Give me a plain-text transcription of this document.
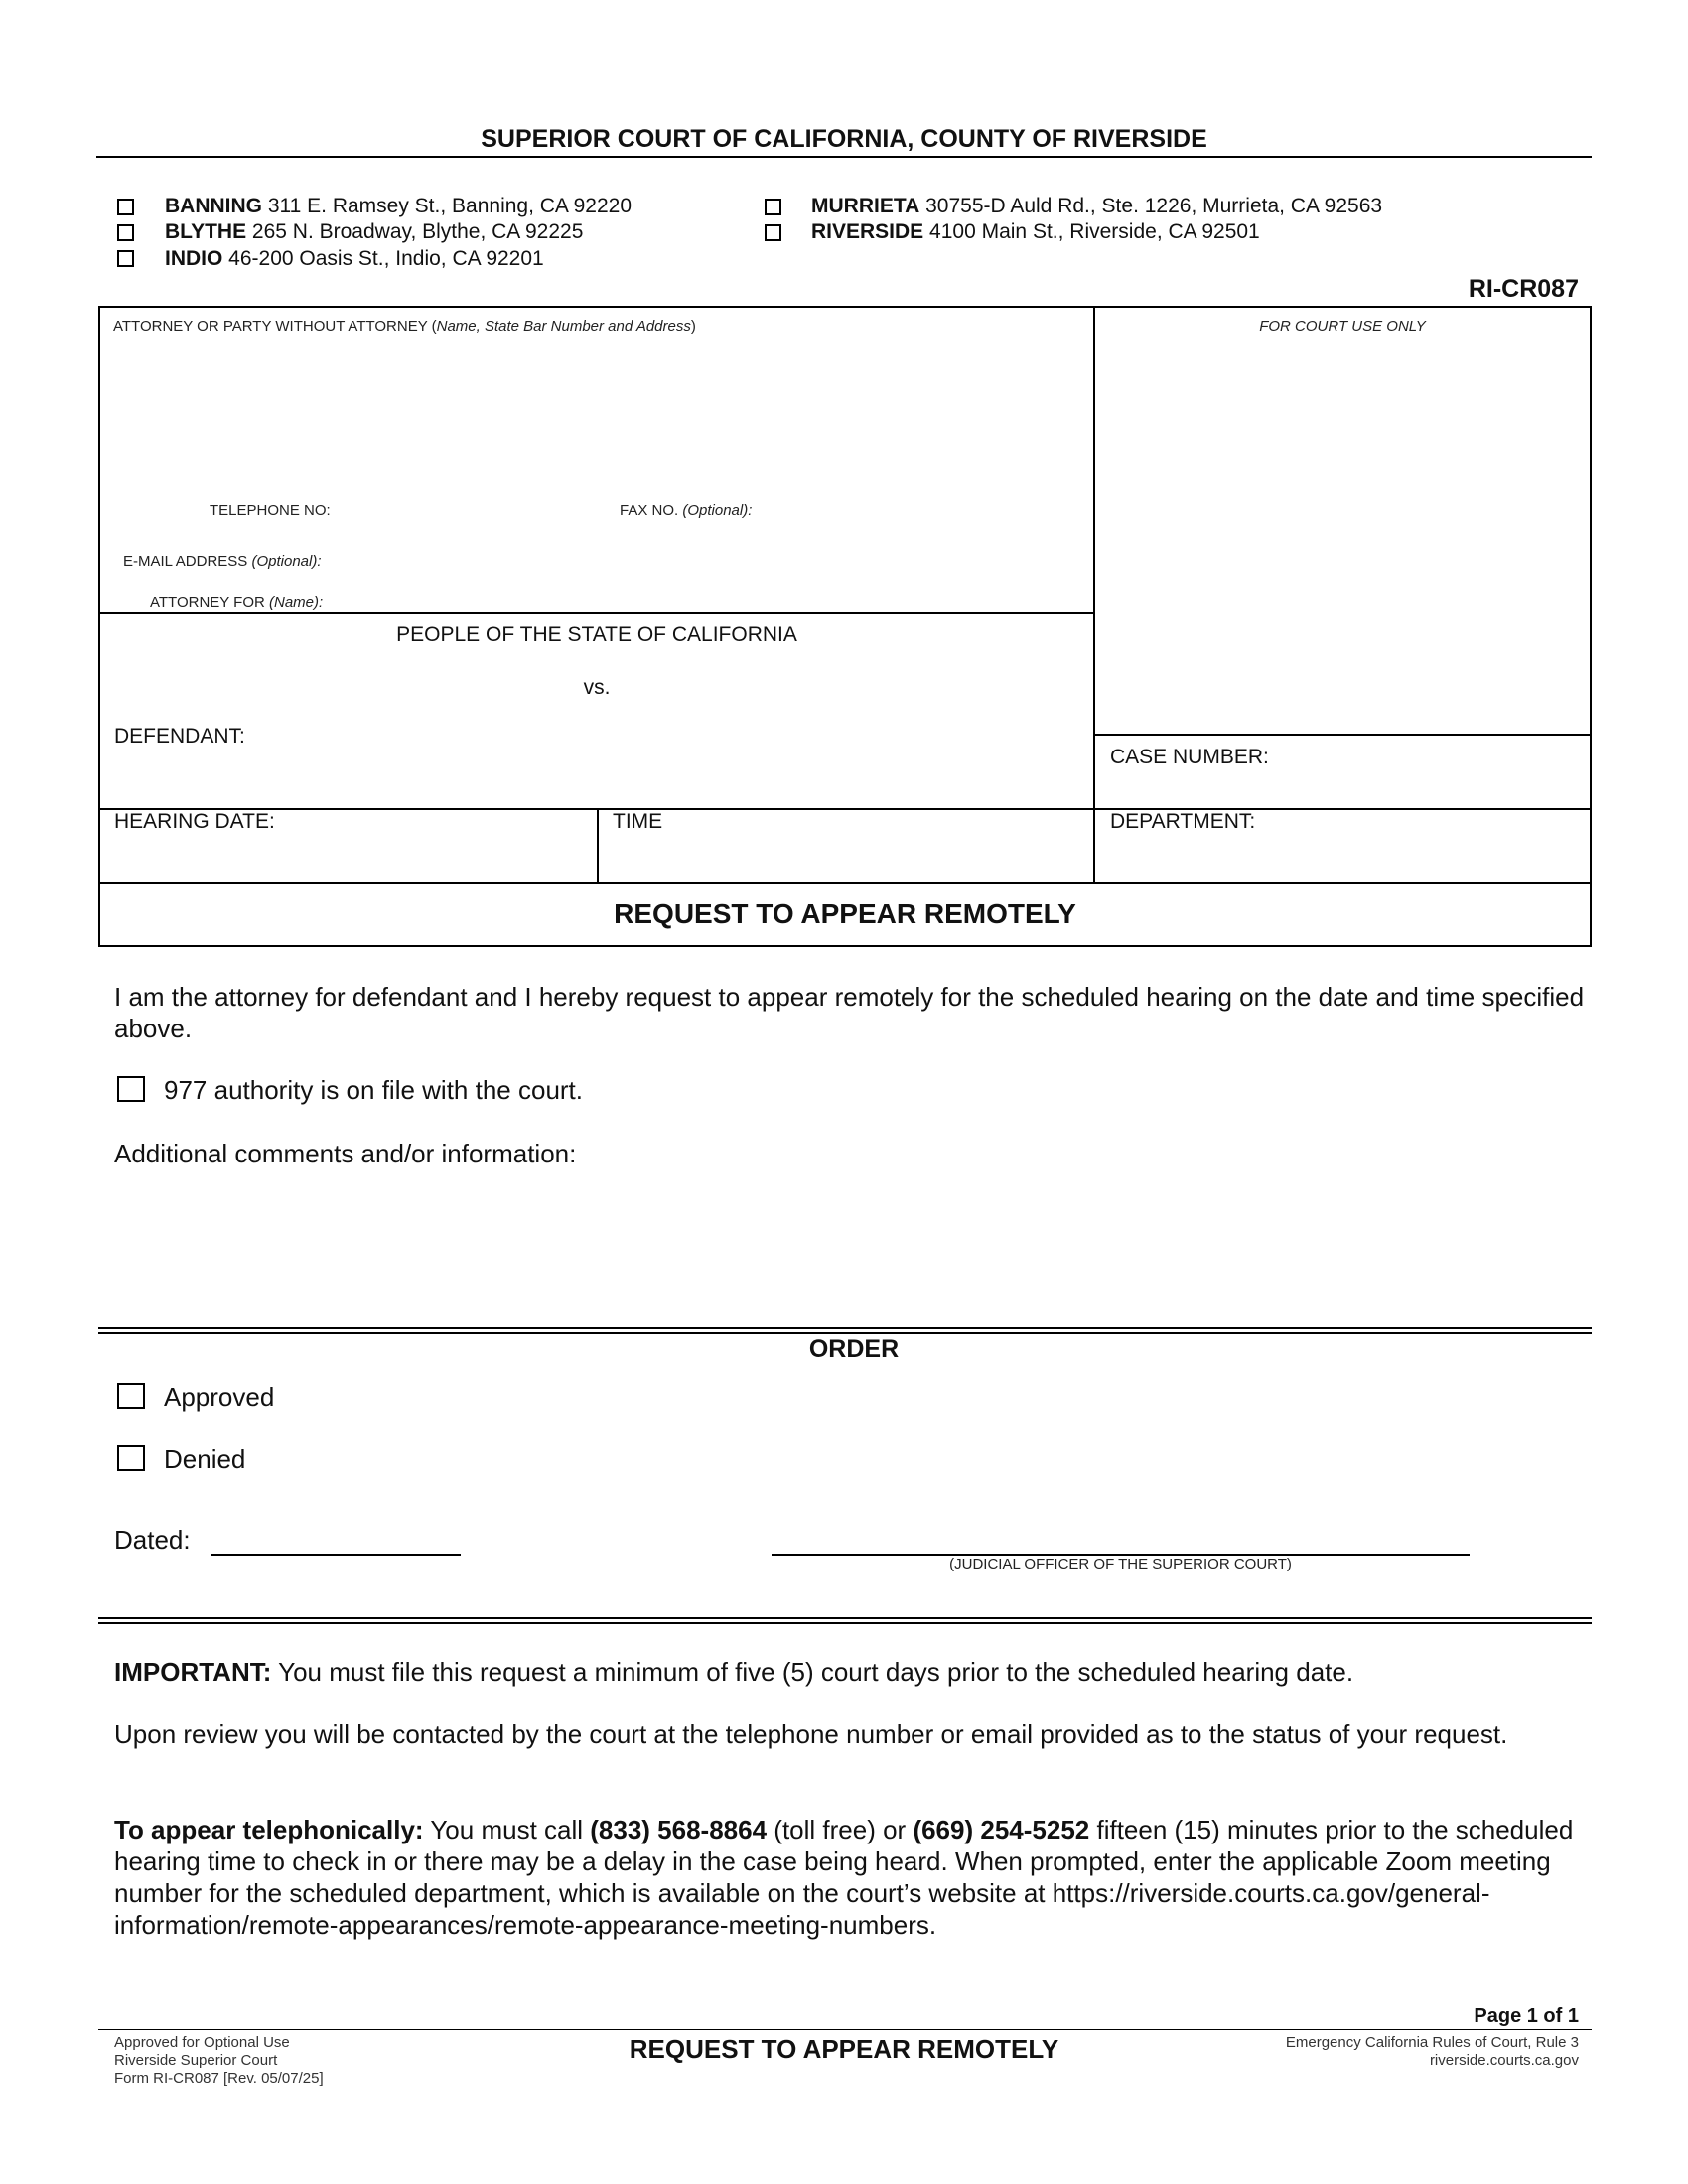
SUPERIOR COURT OF CALIFORNIA, COUNTY OF RIVERSIDE
BANNING 311 E. Ramsey St., Banning, CA 92220
BLYTHE 265 N. Broadway, Blythe, CA 92225
INDIO 46-200 Oasis St., Indio, CA 92201
MURRIETA 30755-D Auld Rd., Ste. 1226, Murrieta, CA 92563
RIVERSIDE 4100 Main St., Riverside, CA 92501
RI-CR087
ATTORNEY OR PARTY WITHOUT ATTORNEY (Name, State Bar Number and Address)	FOR COURT USE ONLY
TELEPHONE NO:	FAX NO. (Optional):
E-MAIL ADDRESS (Optional):
ATTORNEY FOR (Name):
PEOPLE OF THE STATE OF CALIFORNIA
vs.
DEFENDANT:
CASE NUMBER:
HEARING DATE:	TIME	DEPARTMENT:
REQUEST TO APPEAR REMOTELY
I am the attorney for defendant and I hereby request to appear remotely for the scheduled hearing on the date and time specified above.
977 authority is on file with the court.
Additional comments and/or information:
ORDER
Approved
Denied
Dated:
(JUDICIAL OFFICER OF THE SUPERIOR COURT)
IMPORTANT: You must file this request a minimum of five (5) court days prior to the scheduled hearing date.
Upon review you will be contacted by the court at the telephone number or email provided as to the status of your request.
To appear telephonically: You must call (833) 568-8864 (toll free) or (669) 254-5252 fifteen (15) minutes prior to the scheduled hearing time to check in or there may be a delay in the case being heard. When prompted, enter the applicable Zoom meeting number for the scheduled department, which is available on the court’s website at https://riverside.courts.ca.gov/general-information/remote-appearances/remote-appearance-meeting-numbers.
Page 1 of 1
Approved for Optional Use
Riverside Superior Court
Form RI-CR087 [Rev. 05/07/25]
REQUEST TO APPEAR REMOTELY	Emergency California Rules of Court, Rule 3
riverside.courts.ca.gov
